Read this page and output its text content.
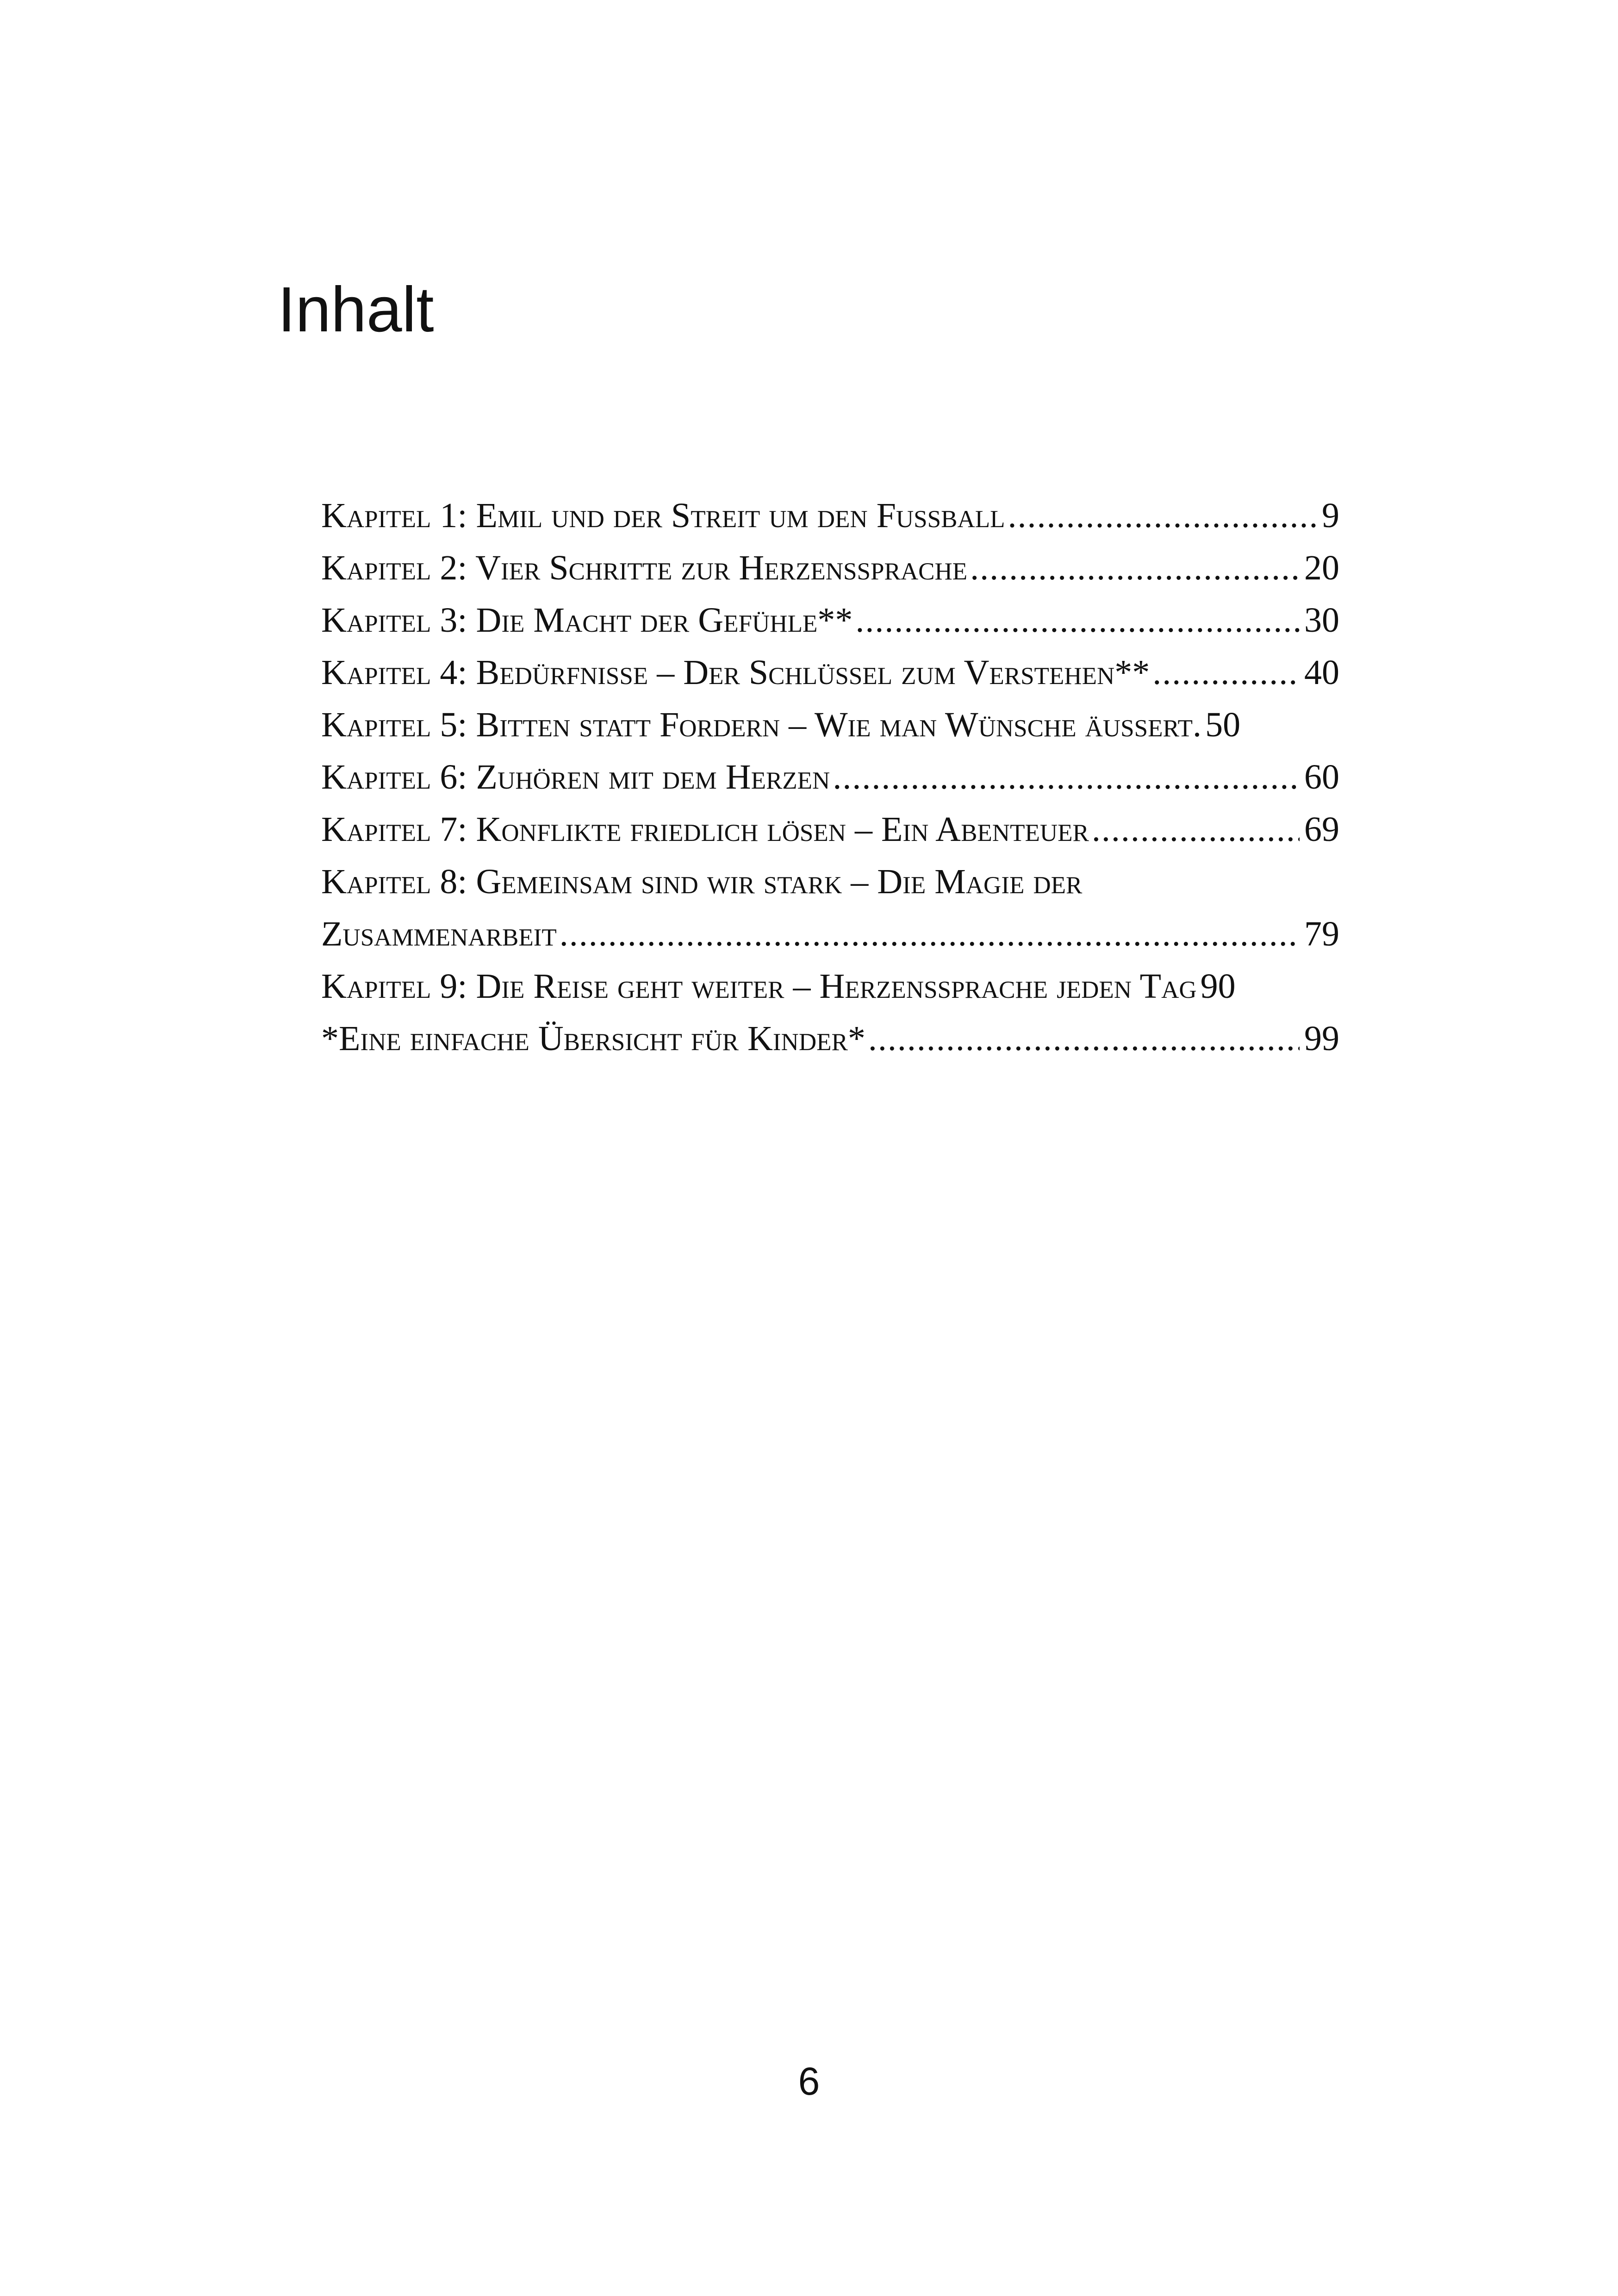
Inhalt
Kapitel 1: Emil und der Streit um den Fußball .....	9
Kapitel 2: Vier Schritte zur Herzenssprache .....	20
Kapitel 3: Die Macht der Gefühle** .....	30
Kapitel 4: Bedürfnisse – Der Schlüssel zum Verstehen** .....	40
Kapitel 5: Bitten statt Fordern – Wie man Wünsche äußert. 50
Kapitel 6: Zuhören mit dem Herzen .....	60
Kapitel 7: Konflikte friedlich lösen – Ein Abenteuer .....	69
Kapitel 8: Gemeinsam sind wir stark – Die Magie der
Zusammenarbeit .....	79
Kapitel 9: Die Reise geht weiter – Herzenssprache jeden Tag 90
*Eine einfache Übersicht für Kinder* .....	99
6
